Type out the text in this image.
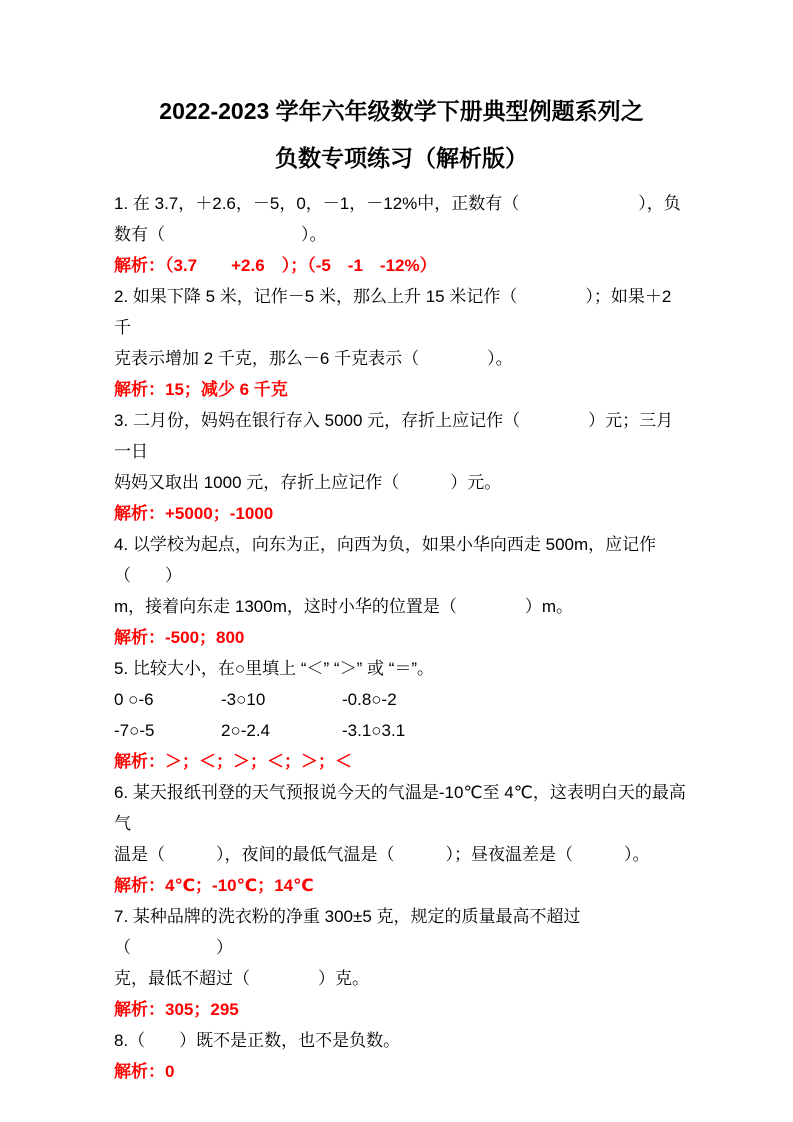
2022-2023 学年六年级数学下册典型例题系列之
负数专项练习（解析版）

1. 在 3.7，＋2.6，－5，0，－1，－12%中，正数有（　　　　　　　），负

数有（　　　　　　　　）。

解析：（3.7　　+2.6　）；（-5　-1　-12%）

2. 如果下降 5 米，记作－5 米，那么上升 15 米记作（　　　　）；如果＋2 千

克表示增加 2 千克，那么－6 千克表示（　　　　）。

解析：15；减少 6 千克

3. 二月份，妈妈在银行存入 5000 元，存折上应记作（　　　　）元；三月一日

妈妈又取出 1000 元，存折上应记作（　　　）元。

解析：+5000；-1000

4. 以学校为起点，向东为正，向西为负，如果小华向西走 500m，应记作（　　）

m，接着向东走 1300m，这时小华的位置是（　　　　）m。

解析：-500；800

5. 比较大小，在○里填上 “＜” “＞” 或 “＝”。

0 ○-6	-3○10	-0.8○-2
-7○-5	2○-2.4	-3.1○3.1

解析：＞；＜；＞；＜；＞；＜

6. 某天报纸刊登的天气预报说今天的气温是-10℃至 4℃，这表明白天的最高气

温是（　　　），夜间的最低气温是（　　　）；昼夜温差是（　　　）。

解析：4℃；-10℃；14℃

7. 某种品牌的洗衣粉的净重 300±5 克，规定的质量最高不超过（　　　　　）

克，最低不超过（　　　　）克。

解析：305；295

8.（　　）既不是正数，也不是负数。

解析：0
